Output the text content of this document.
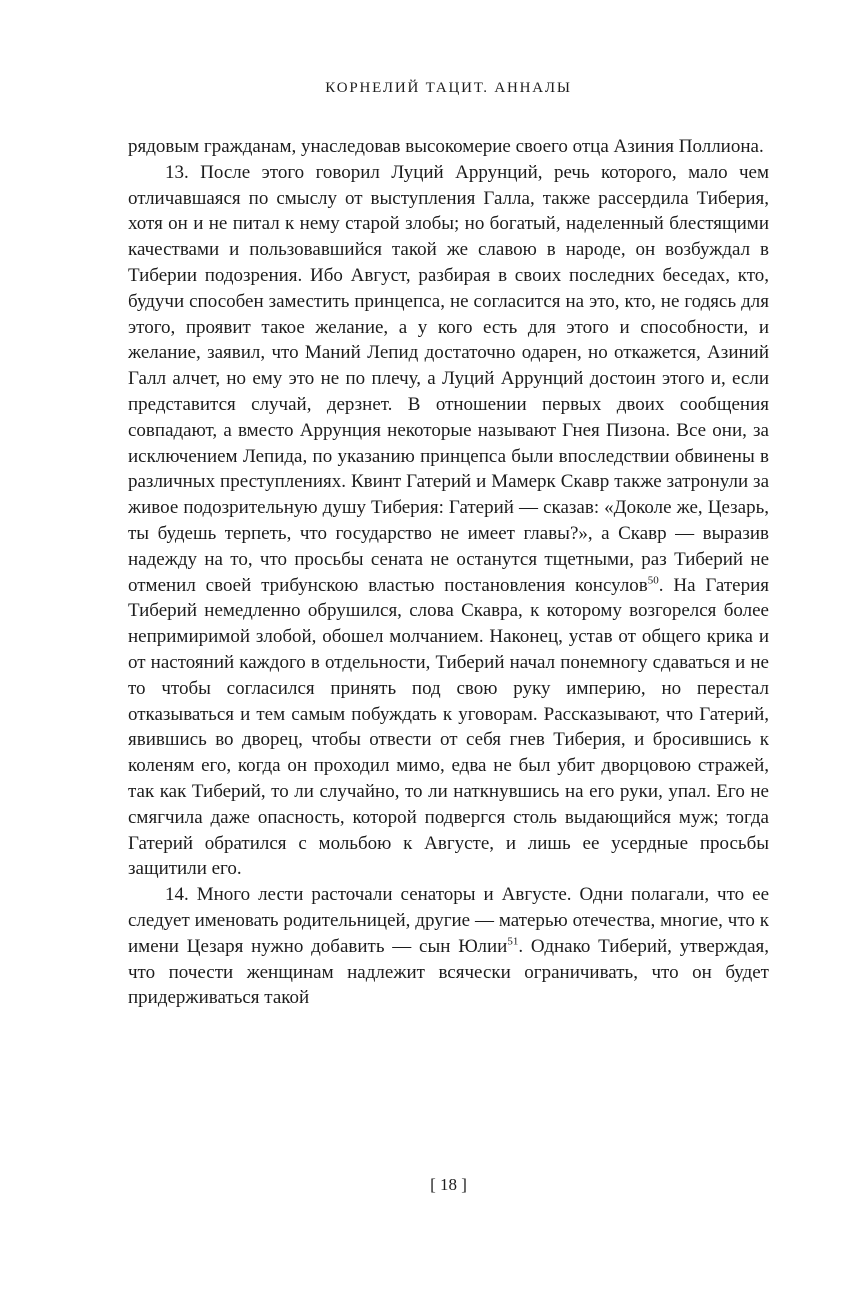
КОРНЕЛИЙ ТАЦИТ. АННАЛЫ

рядовым гражданам, унаследовав высокомерие своего отца Азиния Поллиона.

13. После этого говорил Луций Аррунций, речь которого, мало чем отличавшаяся по смыслу от выступления Галла, также рассердила Тиберия, хотя он и не питал к нему старой злобы; но богатый, наделенный блестящими качествами и пользовавшийся такой же славою в народе, он возбуждал в Тиберии подозрения. Ибо Август, разбирая в своих последних беседах, кто, будучи способен заместить принцепса, не согласится на это, кто, не годясь для этого, проявит такое желание, а у кого есть для этого и способности, и желание, заявил, что Маний Лепид достаточно одарен, но откажется, Азиний Галл алчет, но ему это не по плечу, а Луций Аррунций достоин этого и, если представится случай, дерзнет. В отношении первых двоих сообщения совпадают, а вместо Аррунция некоторые называют Гнея Пизона. Все они, за исключением Лепида, по указанию принцепса были впоследствии обвинены в различных преступлениях. Квинт Гатерий и Мамерк Скавр также затронули за живое подозрительную душу Тиберия: Гатерий — сказав: «Доколе же, Цезарь, ты будешь терпеть, что государство не имеет главы?», а Скавр — выразив надежду на то, что просьбы сената не останутся тщетными, раз Тиберий не отменил своей трибунскою властью постановления консулов$^{50}$. На Гатерия Тиберий немедленно обрушился, слова Скавра, к которому возгорелся более непримиримой злобой, обошел молчанием. Наконец, устав от общего крика и от настояний каждого в отдельности, Тиберий начал понемногу сдаваться и не то чтобы согласился принять под свою руку империю, но перестал отказываться и тем самым побуждать к уговорам. Рассказывают, что Гатерий, явившись во дворец, чтобы отвести от себя гнев Тиберия, и бросившись к коленям его, когда он проходил мимо, едва не был убит дворцовою стражей, так как Тиберий, то ли случайно, то ли наткнувшись на его руки, упал. Его не смягчила даже опасность, которой подвергся столь выдающийся муж; тогда Гатерий обратился с мольбою к Августе, и лишь ее усердные просьбы защитили его.

14. Много лести расточали сенаторы и Августе. Одни полагали, что ее следует именовать родительницей, другие — матерью отечества, многие, что к имени Цезаря нужно добавить — сын Юлии$^{51}$. Однако Тиберий, утверждая, что почести женщинам надлежит всячески ограничивать, что он будет придерживаться такой

[ 18 ]
